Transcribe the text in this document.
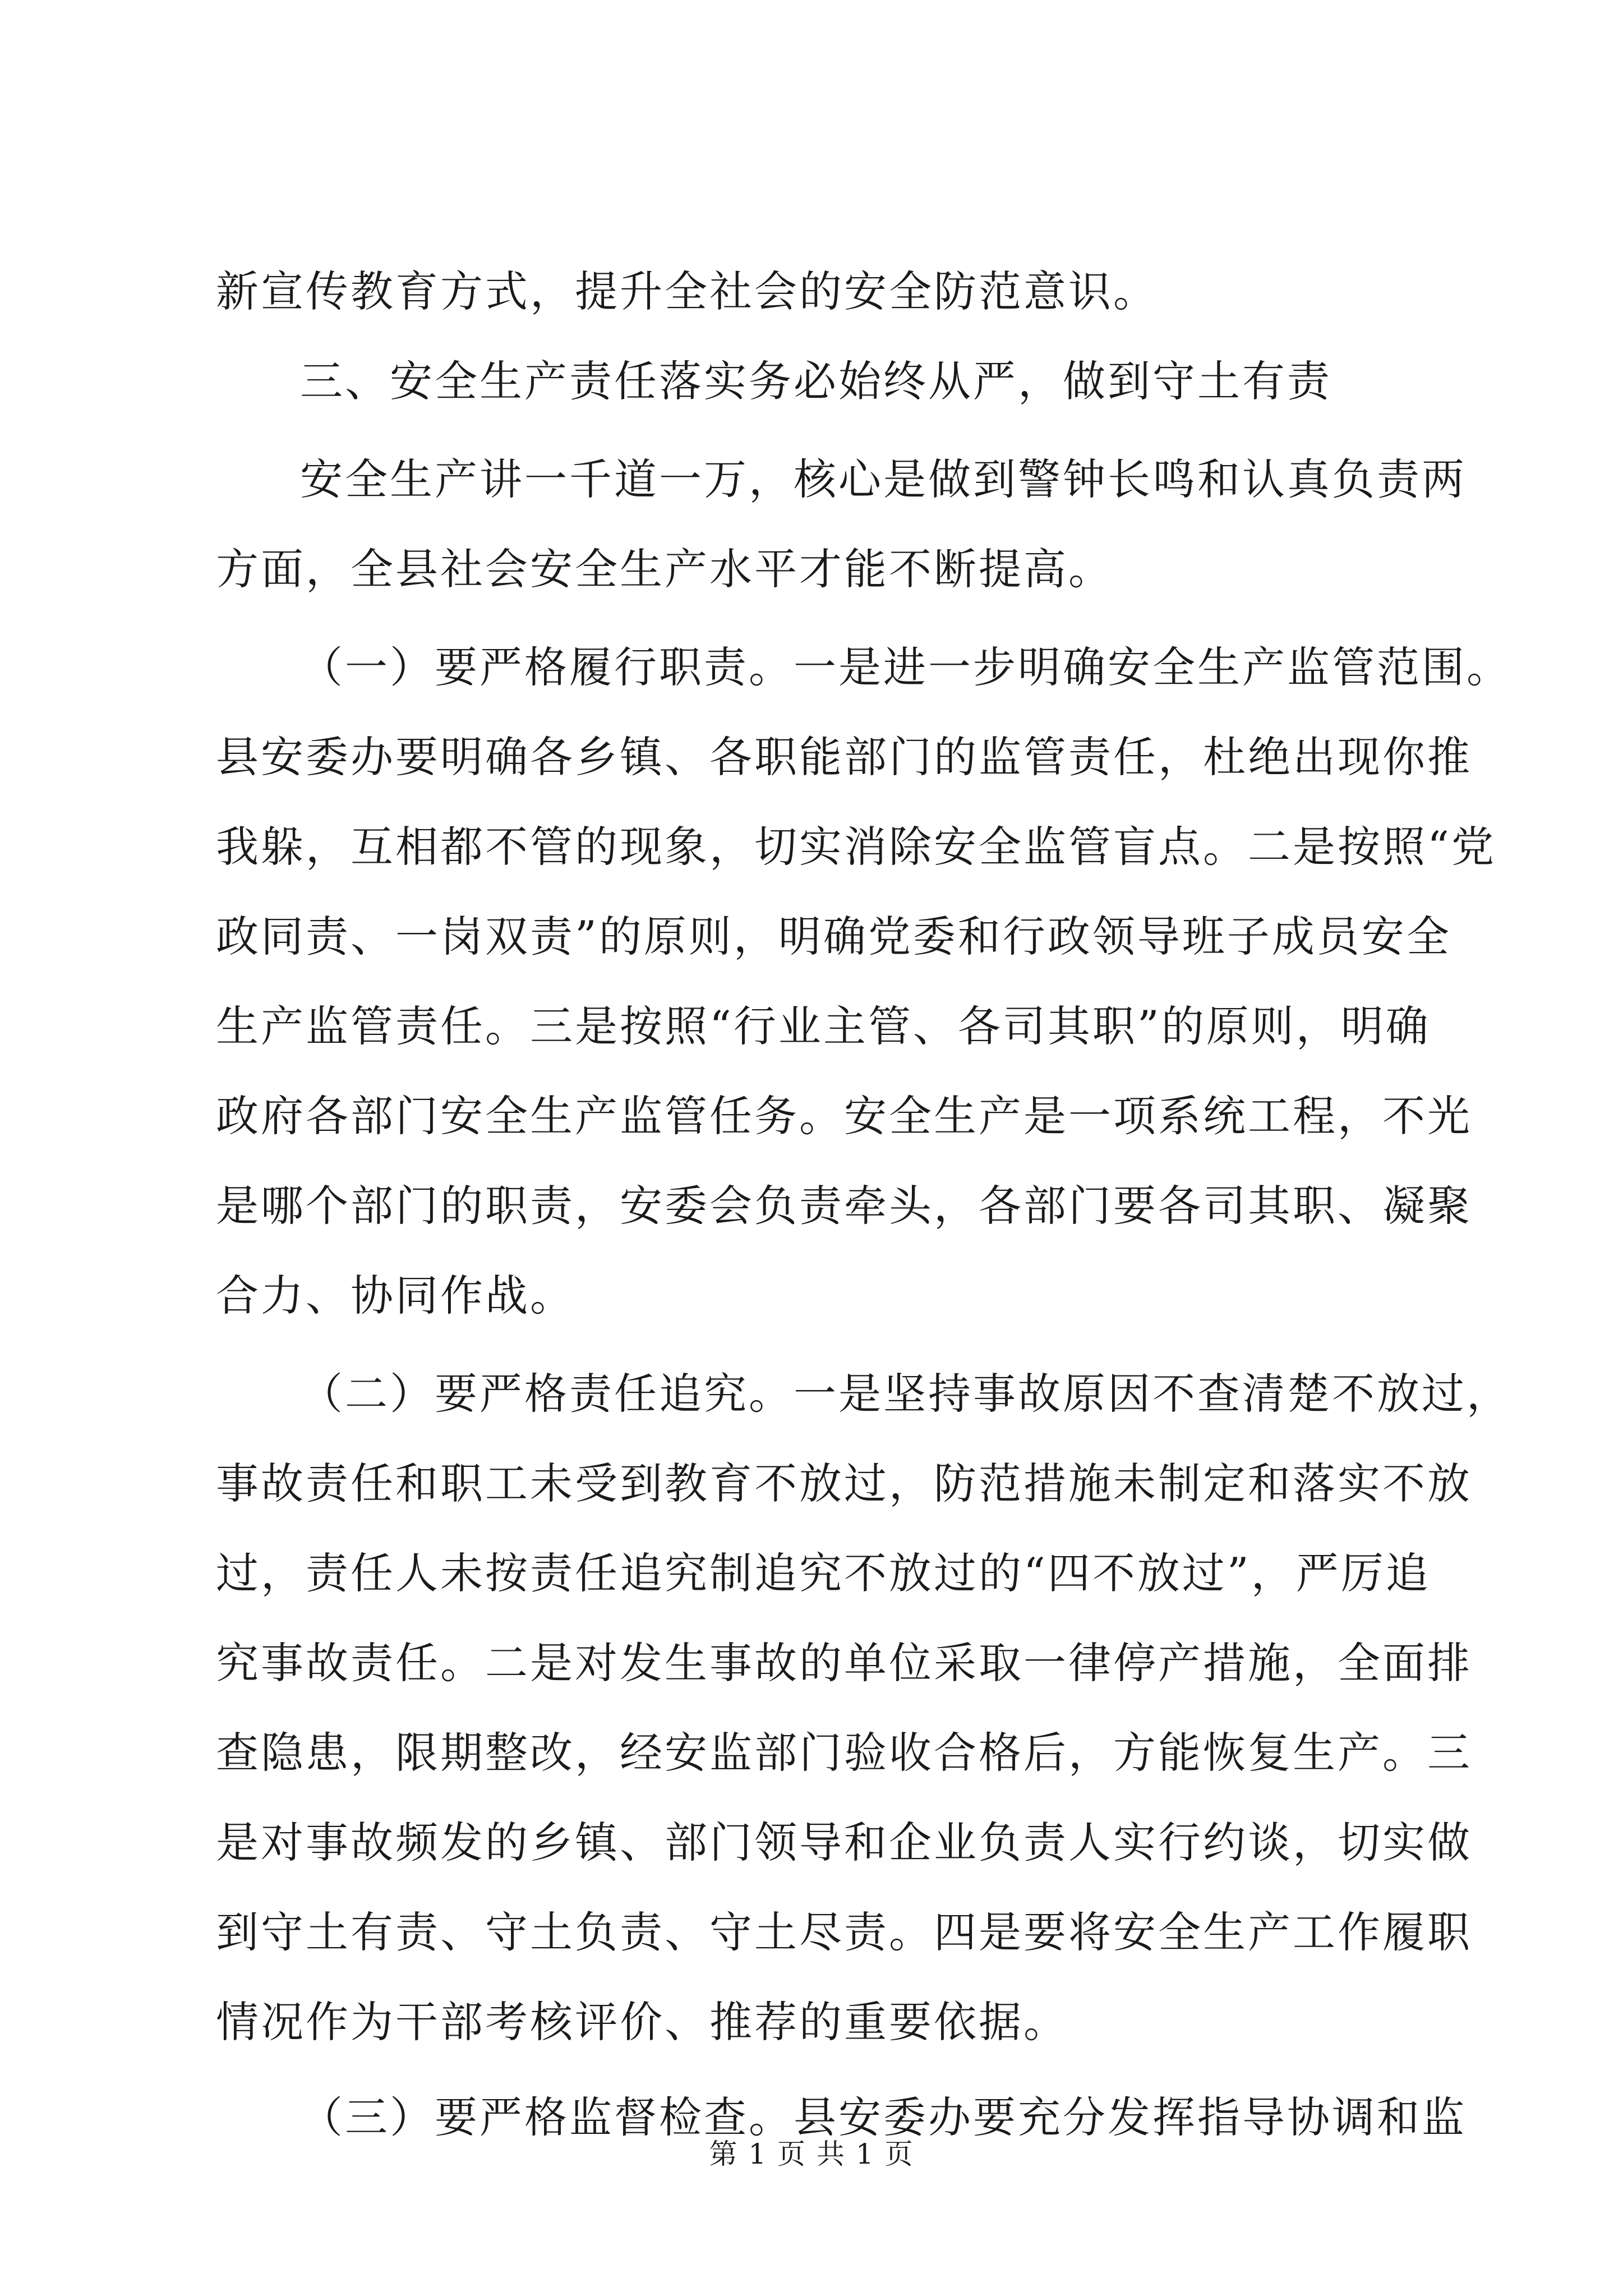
新宣传教育方式，提升全社会的安全防范意识。
三、安全生产责任落实务必始终从严，做到守土有责
安全生产讲一千道一万，核心是做到警钟长鸣和认真负责两
方面，全县社会安全生产水平才能不断提高。
（一）要严格履行职责。一是进一步明确安全生产监管范围。
县安委办要明确各乡镇、各职能部门的监管责任，杜绝出现你推
我躲，互相都不管的现象，切实消除安全监管盲点。二是按照“党
政同责、一岗双责”的原则，明确党委和行政领导班子成员安全
生产监管责任。三是按照“行业主管、各司其职”的原则，明确
政府各部门安全生产监管任务。安全生产是一项系统工程，不光
是哪个部门的职责，安委会负责牵头，各部门要各司其职、凝聚
合力、协同作战。
（二）要严格责任追究。一是坚持事故原因不查清楚不放过，
事故责任和职工未受到教育不放过，防范措施未制定和落实不放
过，责任人未按责任追究制追究不放过的“四不放过”，严厉追
究事故责任。二是对发生事故的单位采取一律停产措施，全面排
查隐患，限期整改，经安监部门验收合格后，方能恢复生产。三
是对事故频发的乡镇、部门领导和企业负责人实行约谈，切实做
到守土有责、守土负责、守土尽责。四是要将安全生产工作履职
情况作为干部考核评价、推荐的重要依据。
（三）要严格监督检查。县安委办要充分发挥指导协调和监
第 1 页 共 1 页
